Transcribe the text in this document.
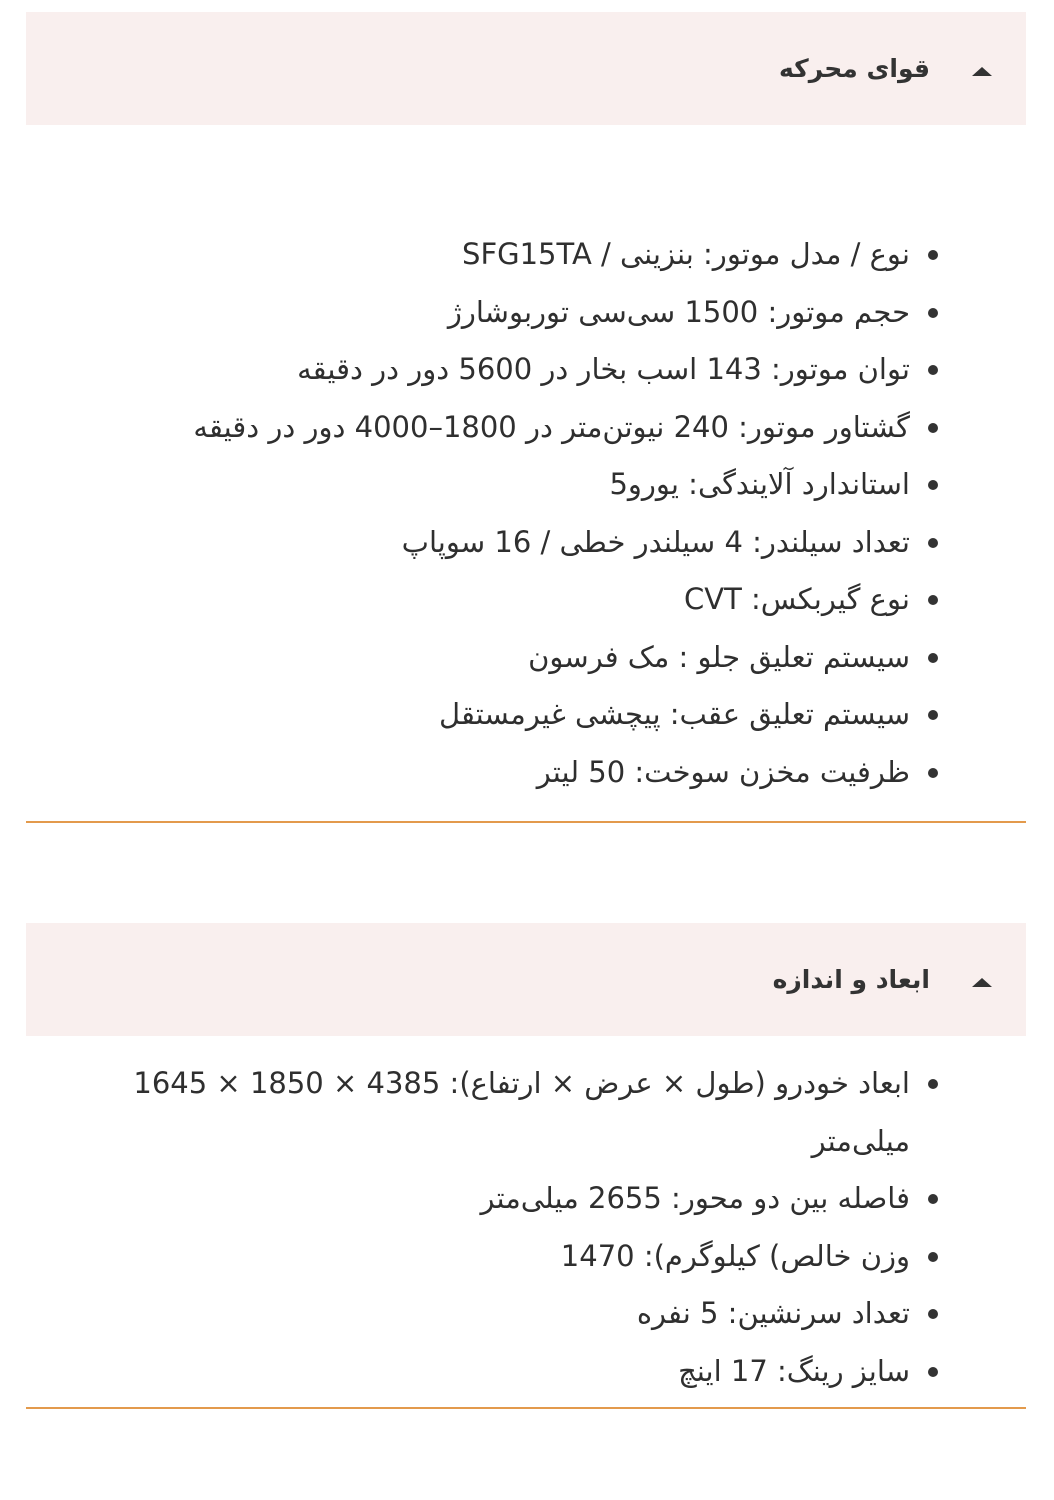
قوای محرکه
نوع / مدل موتور: بنزینی / SFG15TA
حجم موتور: 1500 سی‌سی توربوشارژ
توان موتور: 143 اسب بخار در 5600 دور در دقیقه
گشتاور موتور: 240 نیوتن‌متر در 1800–4000 دور در دقیقه
استاندارد آلایندگی: یورو5
تعداد سیلندر: 4 سیلندر خطی / 16 سوپاپ
نوع گیربکس: CVT
سیستم تعلیق جلو : مک فرسون
سیستم تعلیق عقب: پیچشی غیرمستقل
ظرفیت مخزن سوخت: 50 لیتر
ابعاد و اندازه
ابعاد خودرو (طول × عرض × ارتفاع): 4385 × 1850 × 1645 میلی‌متر
فاصله بین دو محور: 2655 میلی‌متر
وزن خالص) کیلوگرم): 1470
تعداد سرنشین: 5 نفره
سایز رینگ: 17 اینچ
